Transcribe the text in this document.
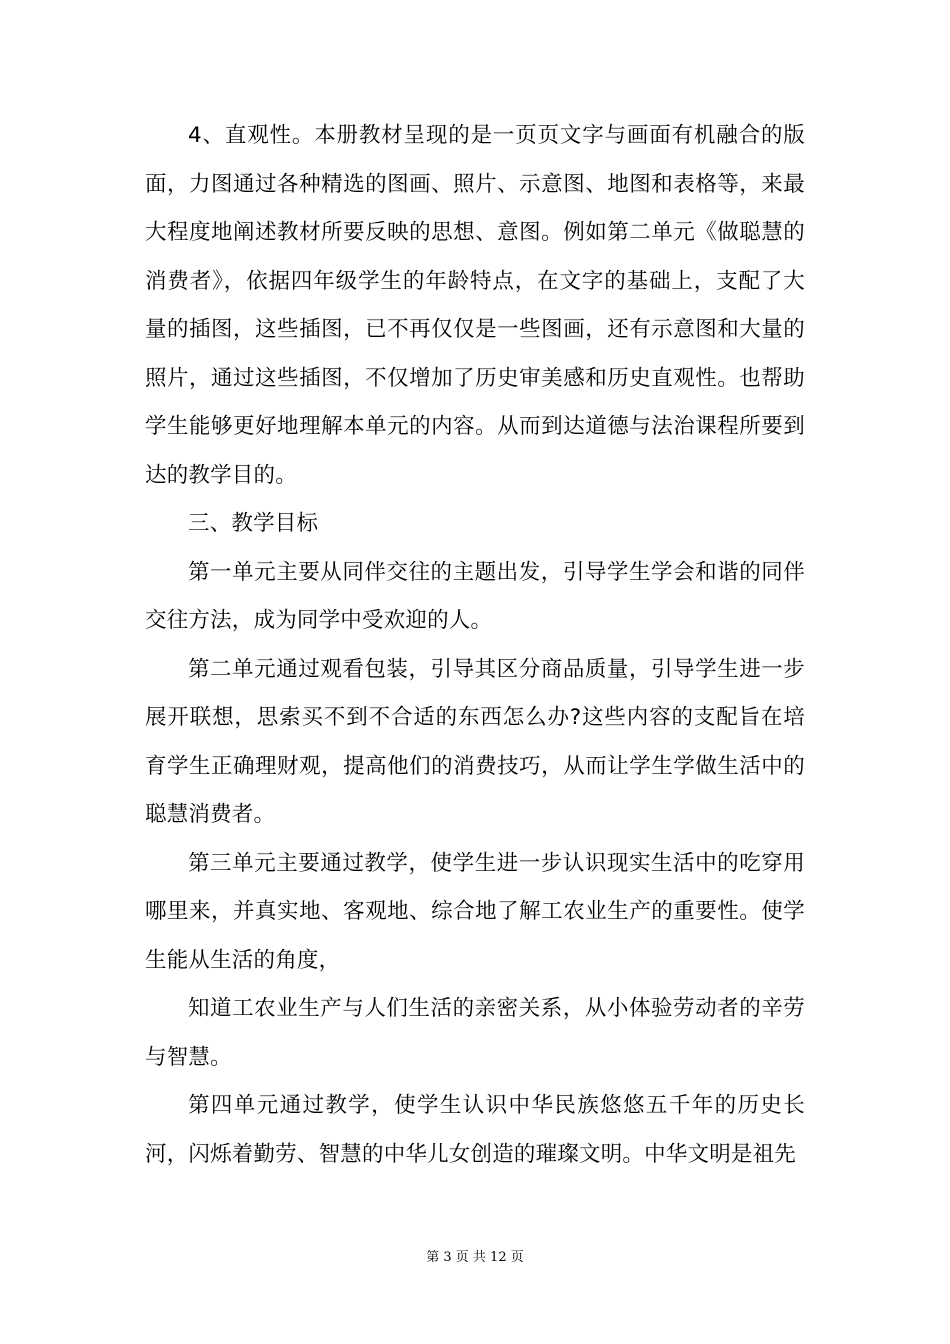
4、直观性。本册教材呈现的是一页页文字与画面有机融合的版面，力图通过各种精选的图画、照片、示意图、地图和表格等，来最大程度地阐述教材所要反映的思想、意图。例如第二单元《做聪慧的消费者》，依据四年级学生的年龄特点，在文字的基础上，支配了大量的插图，这些插图，已不再仅仅是一些图画，还有示意图和大量的照片，通过这些插图，不仅增加了历史审美感和历史直观性。也帮助学生能够更好地理解本单元的内容。从而到达道德与法治课程所要到达的教学目的。

三、教学目标

第一单元主要从同伴交往的主题出发，引导学生学会和谐的同伴交往方法，成为同学中受欢迎的人。

第二单元通过观看包装，引导其区分商品质量，引导学生进一步展开联想，思索买不到不合适的东西怎么办?这些内容的支配旨在培育学生正确理财观，提高他们的消费技巧，从而让学生学做生活中的聪慧消费者。

第三单元主要通过教学，使学生进一步认识现实生活中的吃穿用哪里来，并真实地、客观地、综合地了解工农业生产的重要性。使学生能从生活的角度，

知道工农业生产与人们生活的亲密关系，从小体验劳动者的辛劳与智慧。

第四单元通过教学，使学生认识中华民族悠悠五千年的历史长河，闪烁着勤劳、智慧的中华儿女创造的璀璨文明。中华文明是祖先

第 3 页 共 12 页
